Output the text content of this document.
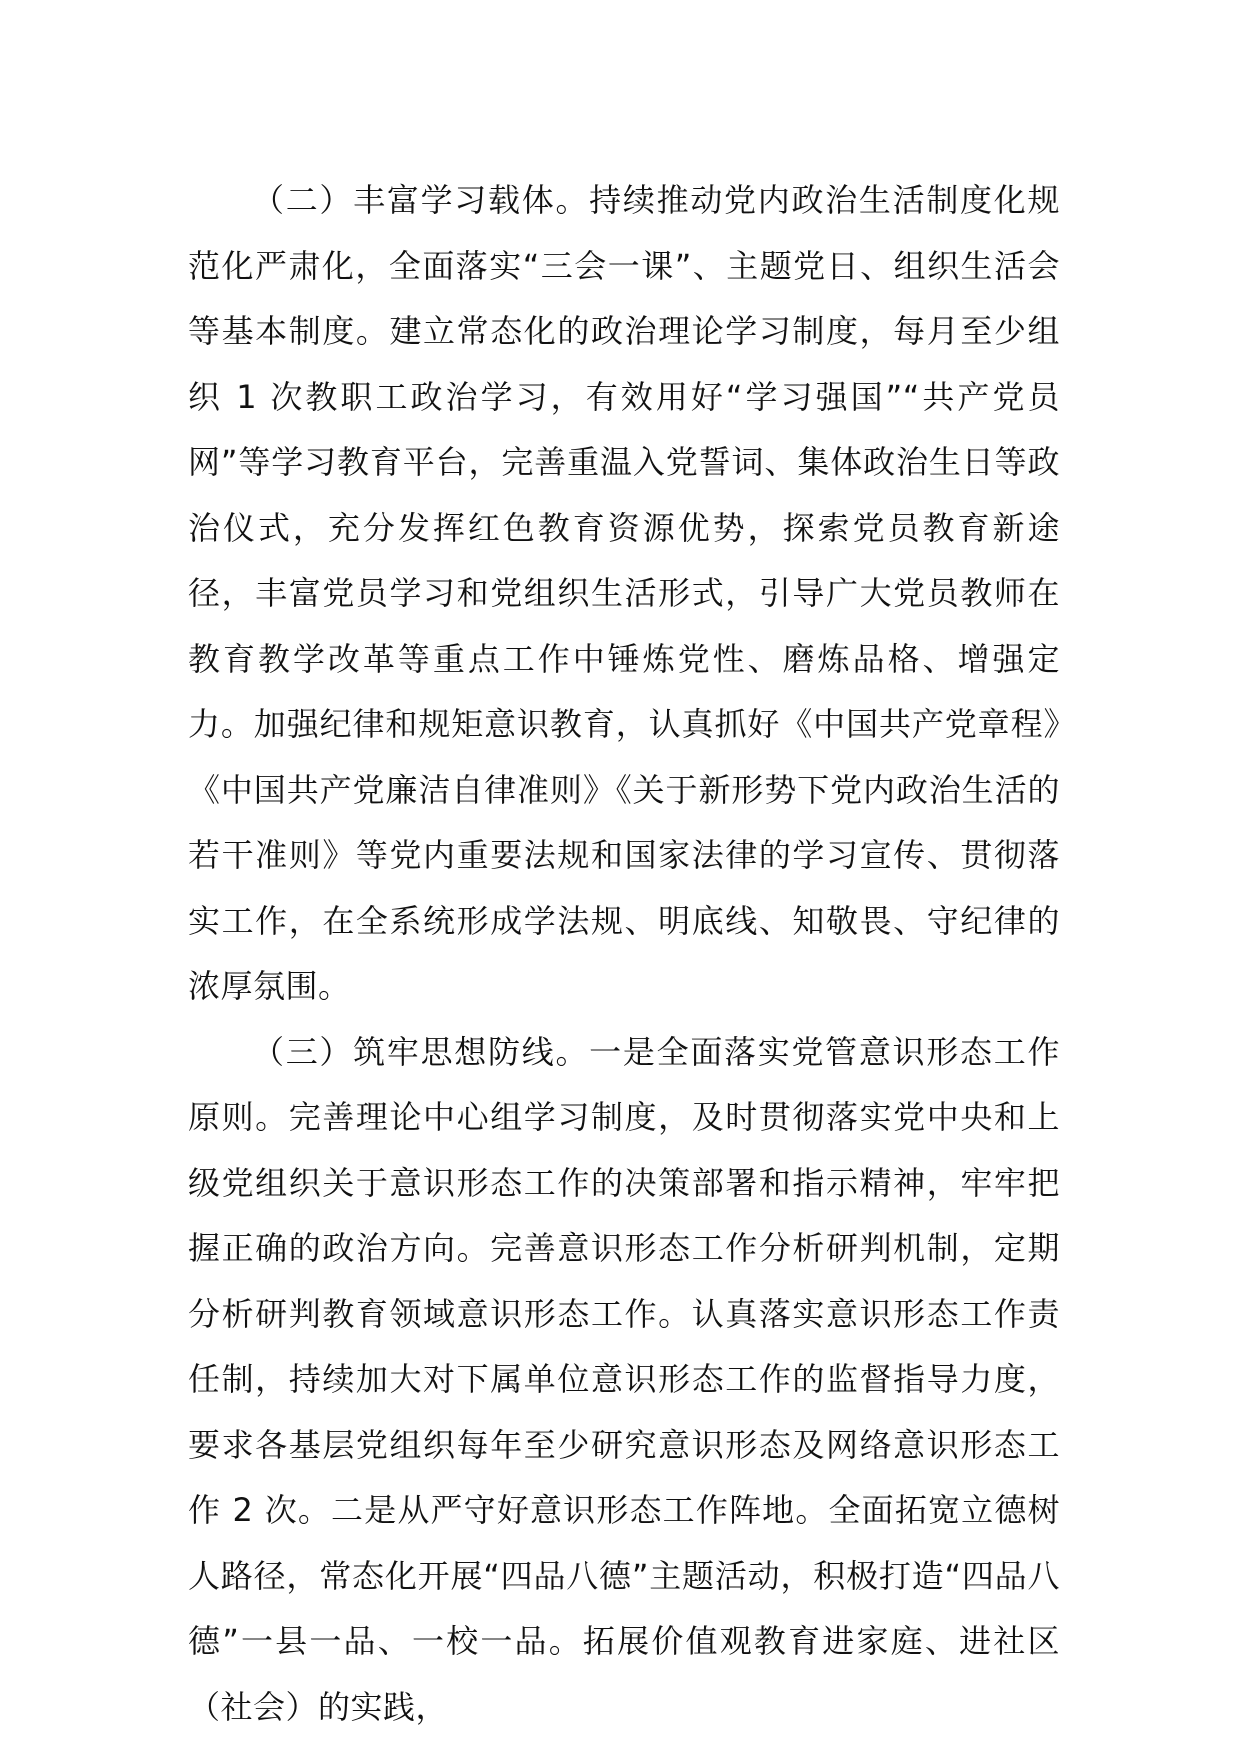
（二）丰富学习载体。持续推动党内政治生活制度化规范化严肃化，全面落实“三会一课”、主题党日、组织生活会等基本制度。建立常态化的政治理论学习制度，每月至少组织 1 次教职工政治学习，有效用好“学习强国”“共产党员网”等学习教育平台，完善重温入党誓词、集体政治生日等政治仪式，充分发挥红色教育资源优势，探索党员教育新途径，丰富党员学习和党组织生活形式，引导广大党员教师在教育教学改革等重点工作中锤炼党性、磨炼品格、增强定力。加强纪律和规矩意识教育，认真抓好《中国共产党章程》《中国共产党廉洁自律准则》《关于新形势下党内政治生活的若干准则》等党内重要法规和国家法律的学习宣传、贯彻落实工作，在全系统形成学法规、明底线、知敬畏、守纪律的浓厚氛围。

（三）筑牢思想防线。一是全面落实党管意识形态工作原则。完善理论中心组学习制度，及时贯彻落实党中央和上级党组织关于意识形态工作的决策部署和指示精神，牢牢把握正确的政治方向。完善意识形态工作分析研判机制，定期分析研判教育领域意识形态工作。认真落实意识形态工作责任制，持续加大对下属单位意识形态工作的监督指导力度，要求各基层党组织每年至少研究意识形态及网络意识形态工作 2 次。二是从严守好意识形态工作阵地。全面拓宽立德树人路径，常态化开展“四品八德”主题活动，积极打造“四品八德”一县一品、一校一品。拓展价值观教育进家庭、进社区（社会）的实践，
